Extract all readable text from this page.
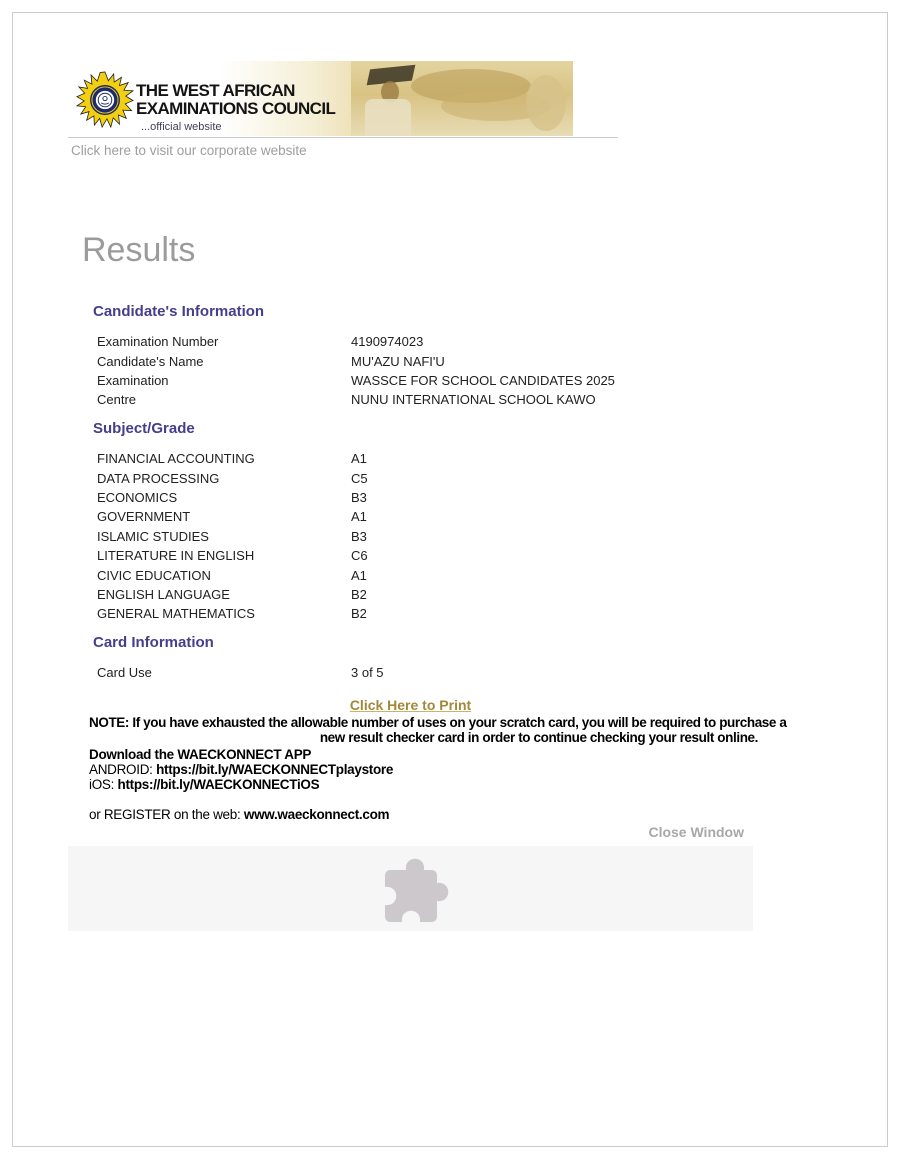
THE WEST AFRICAN
EXAMINATIONS COUNCIL
...official website
Click here to visit our corporate website
Results
Candidate's Information
Examination Number	4190974023
Candidate's Name	MU'AZU NAFI'U
Examination	WASSCE FOR SCHOOL CANDIDATES 2025
Centre	NUNU INTERNATIONAL SCHOOL KAWO
Subject/Grade
FINANCIAL ACCOUNTING	A1
DATA PROCESSING	C5
ECONOMICS	B3
GOVERNMENT	A1
ISLAMIC STUDIES	B3
LITERATURE IN ENGLISH	C6
CIVIC EDUCATION	A1
ENGLISH LANGUAGE	B2
GENERAL MATHEMATICS	B2
Card Information
Card Use	3 of 5
Click Here to Print
NOTE: If you have exhausted the allowable number of uses on your scratch card, you will be required to purchase a
new result checker card in order to continue checking your result online.
Download the WAECKONNECT APP
ANDROID: https://bit.ly/WAECKONNECTplaystore
iOS: https://bit.ly/WAECKONNECTiOS
or REGISTER on the web: www.waeckonnect.com
Close Window
